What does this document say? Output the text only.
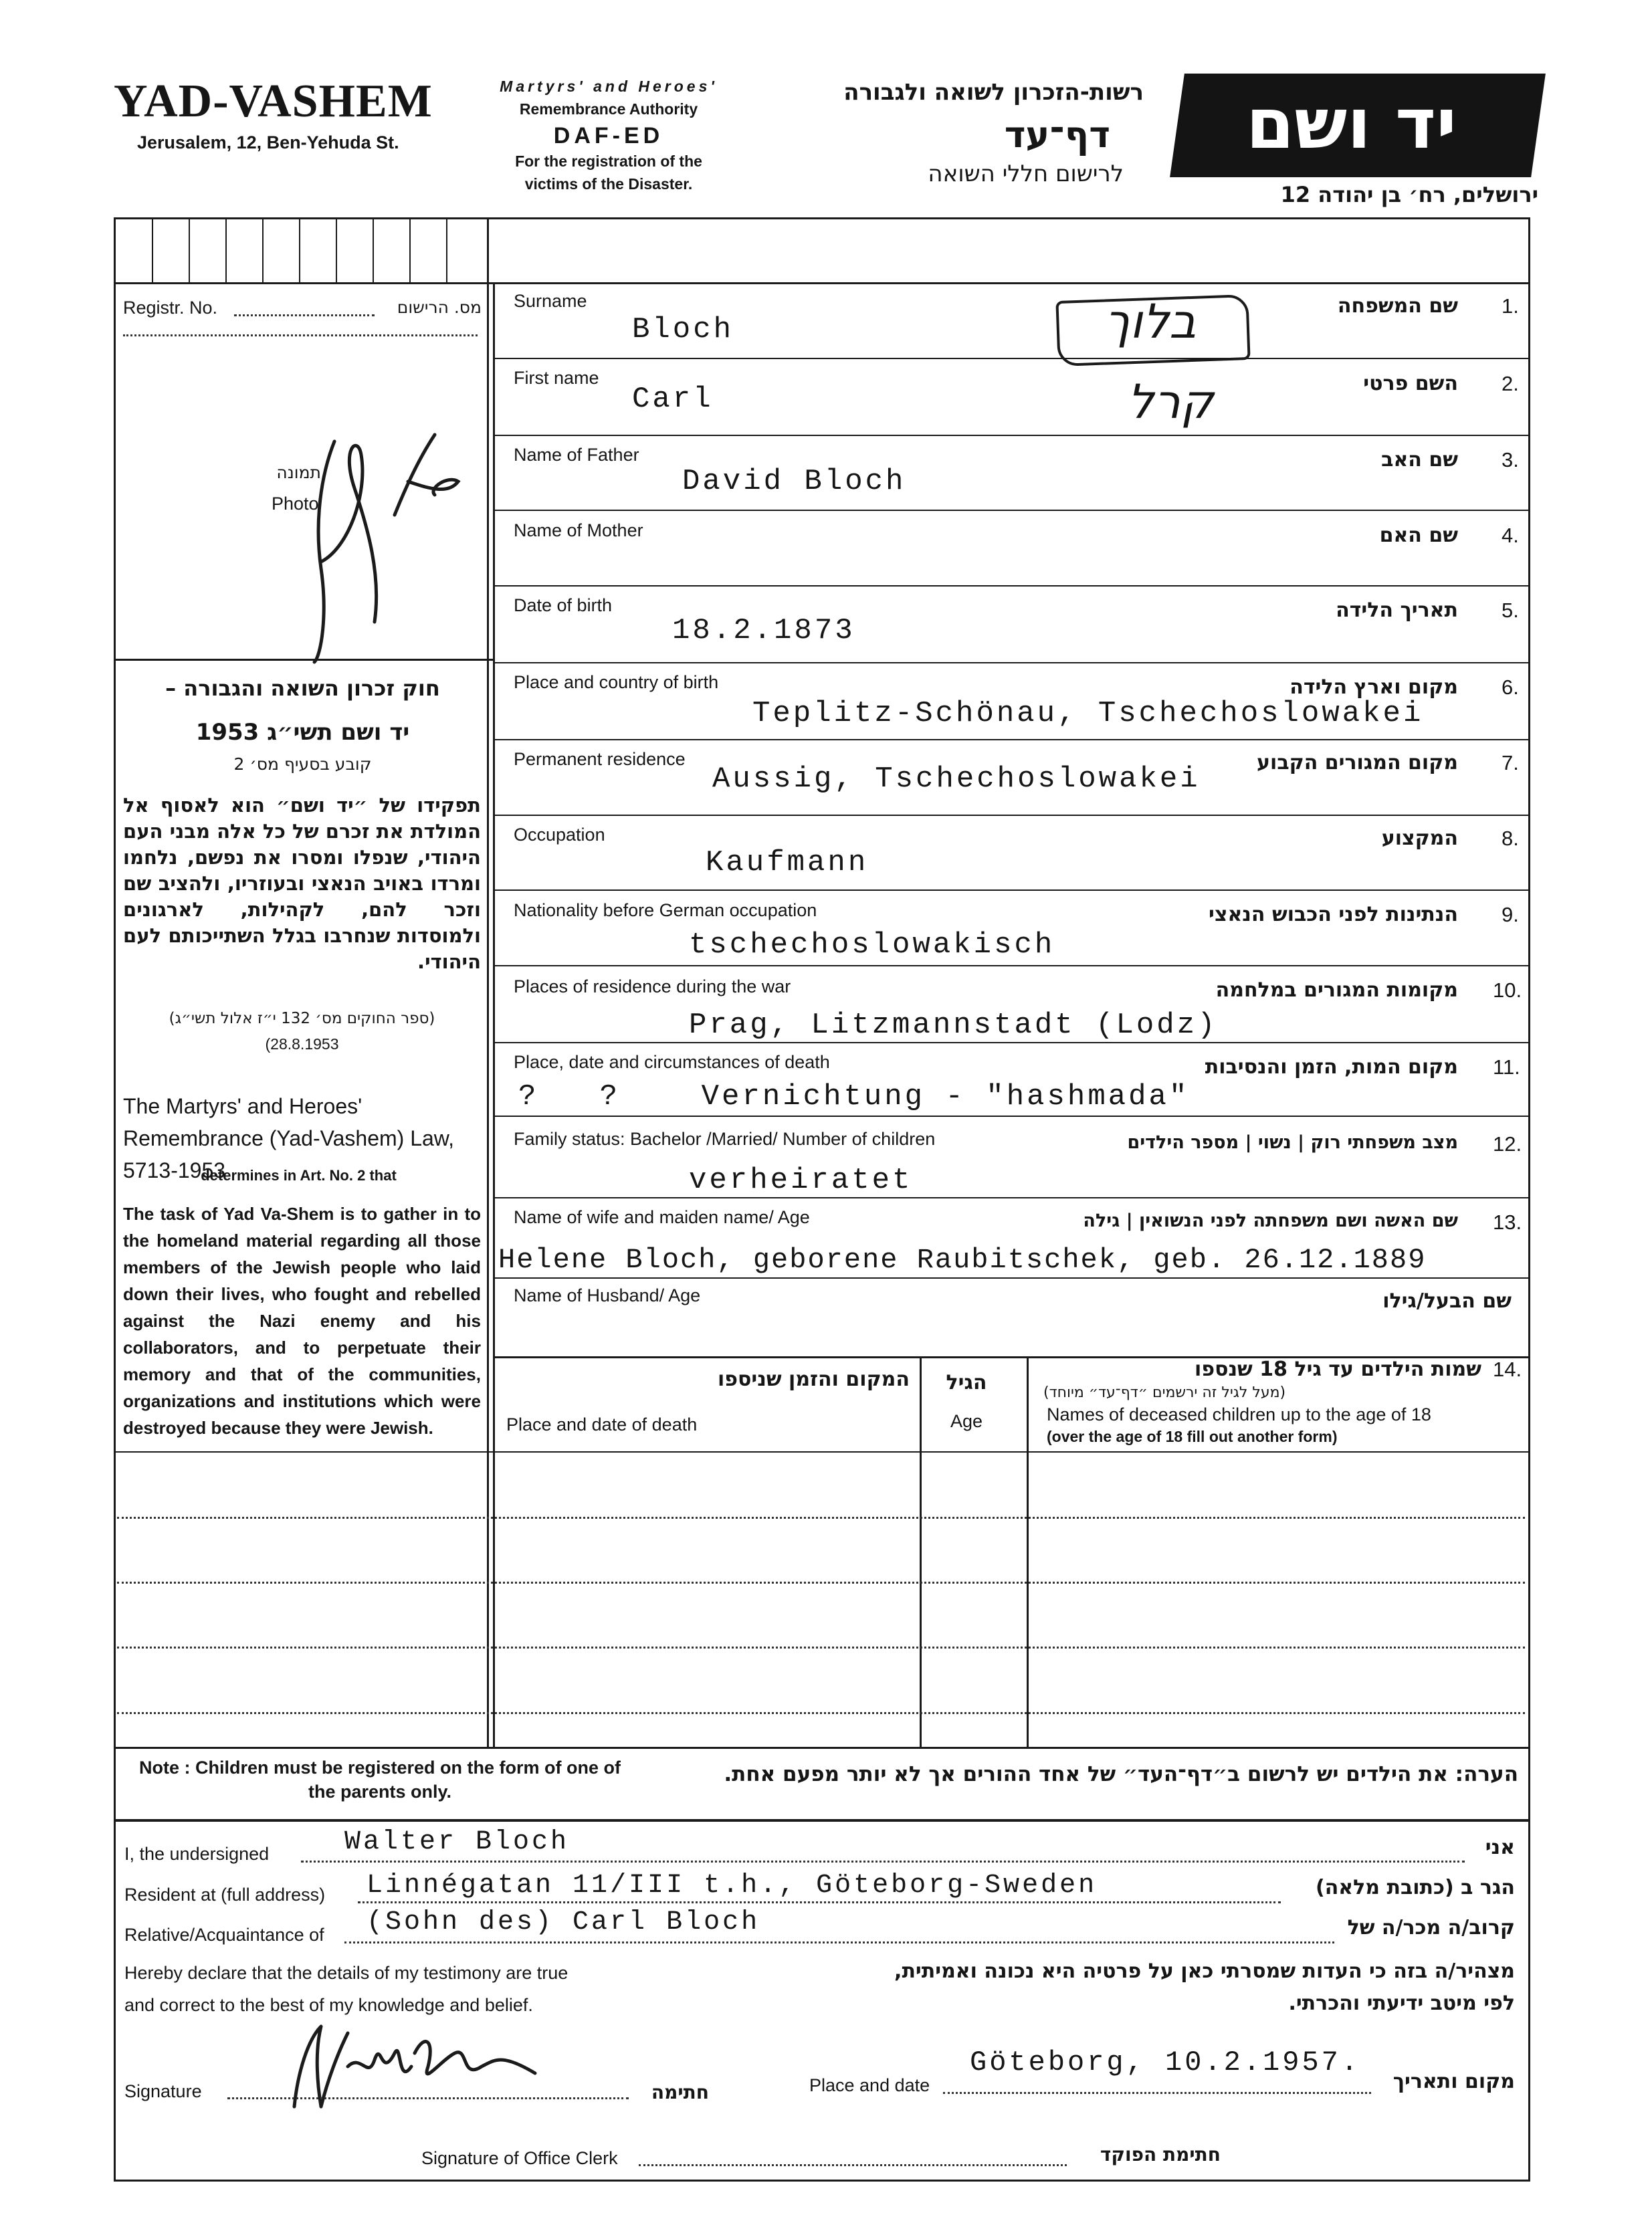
YAD-VASHEM
Jerusalem, 12, Ben-Yehuda St.
Martyrs' and Heroes'
Remembrance Authority
DAF-ED
For the registration of the
victims of the Disaster.
רשות-הזכרון לשואה ולגבורה
דף־עד
לרישום חללי השואה
יד ושם
ירושלים, רח׳ בן יהודה 12
Registr. No.	מס. הרישום
תמונה
Photo
חוק זכרון השואה והגבורה –
יד ושם תשי״ג 1953
קובע בסעיף מס׳ 2
תפקידו של ״יד ושם״ הוא לאסוף אל המולדת את זכרם של כל אלה מבני העם היהודי, שנפלו ומסרו את נפשם, נלחמו ומרדו באויב הנאצי ובעוזריו, ולהציב שם וזכר להם, לקהילות, לארגונים ולמוסדות שנחרבו בגלל השתייכותם לעם היהודי.
(ספר החוקים מס׳ 132 י״ז אלול תשי״ג)
(28.8.1953
The Martyrs' and Heroes' Remembrance (Yad-Vashem) Law, 5713-1953
determines in Art. No. 2 that
The task of Yad Va-Shem is to gather in to the homeland material regarding all those members of the Jewish people who laid down their lives, who fought and rebelled against the Nazi enemy and his collaborators, and to perpetuate their memory and that of the communities, organizations and institutions which were destroyed because they were Jewish.
Surname	שם המשפחה 1.
Bloch	בלוך
First name	השם פרטי 2.
Carl	קרל
Name of Father	שם האב 3.
David Bloch
Name of Mother	שם האם 4.
Date of birth	תאריך הלידה 5.
18.2.1873
Place and country of birth	מקום וארץ הלידה 6.
Teplitz-Schönau, Tschechoslowakei
Permanent residence	מקום המגורים הקבוע 7.
Aussig, Tschechoslowakei
Occupation	המקצוע 8.
Kaufmann
Nationality before German occupation	הנתינות לפני הכבוש הנאצי 9.
tschechoslowakisch
Places of residence during the war	מקומות המגורים במלחמה 10.
Prag, Litzmannstadt (Lodz)
Place, date and circumstances of death	מקום המות, הזמן והנסיבות 11.
?   ?    Vernichtung - "hashmada"
Family status: Bachelor /Married/ Number of children	מצב משפחתי רוק | נשוי | מספר הילדים 12.
verheiratet
Name of wife and maiden name/ Age	שם האשה ושם משפחתה לפני הנשואין | גילה 13.
Helene Bloch, geborene Raubitschek, geb. 26.12.1889
Name of Husband/ Age	שם הבעל/גילו
המקום והזמן שניספו
Place and date of death
הגיל
Age
שמות הילדים עד גיל 18 שנספו 14.
(מעל לגיל זה ירשמים ״דף־עד״ מיוחד)
Names of deceased children up to the age of 18
(over the age of 18 fill out another form)
Note : Children must be registered on the form of one of the parents only.
הערה: את הילדים יש לרשום ב״דף־העד״ של אחד ההורים אך לא יותר מפעם אחת.
I, the undersigned	Walter Bloch	אני
Resident at (full address) Linnégatan 11/III t.h., Göteborg-Sweden	הגר ב (כתובת מלאה)
Relative/Acquaintance of (Sohn des) Carl Bloch	קרוב/ה מכר/ה של
Hereby declare that the details of my testimony are true
and correct to the best of my knowledge and belief.
מצהיר/ה בזה כי העדות שמסרתי כאן על פרטיה היא נכונה ואמיתית,
לפי מיטב ידיעתי והכרתי.
Signature	חתימה	Place and date
Göteborg, 10.2.1957.
מקום ותאריך
Signature of Office Clerk	חתימת הפוקד
